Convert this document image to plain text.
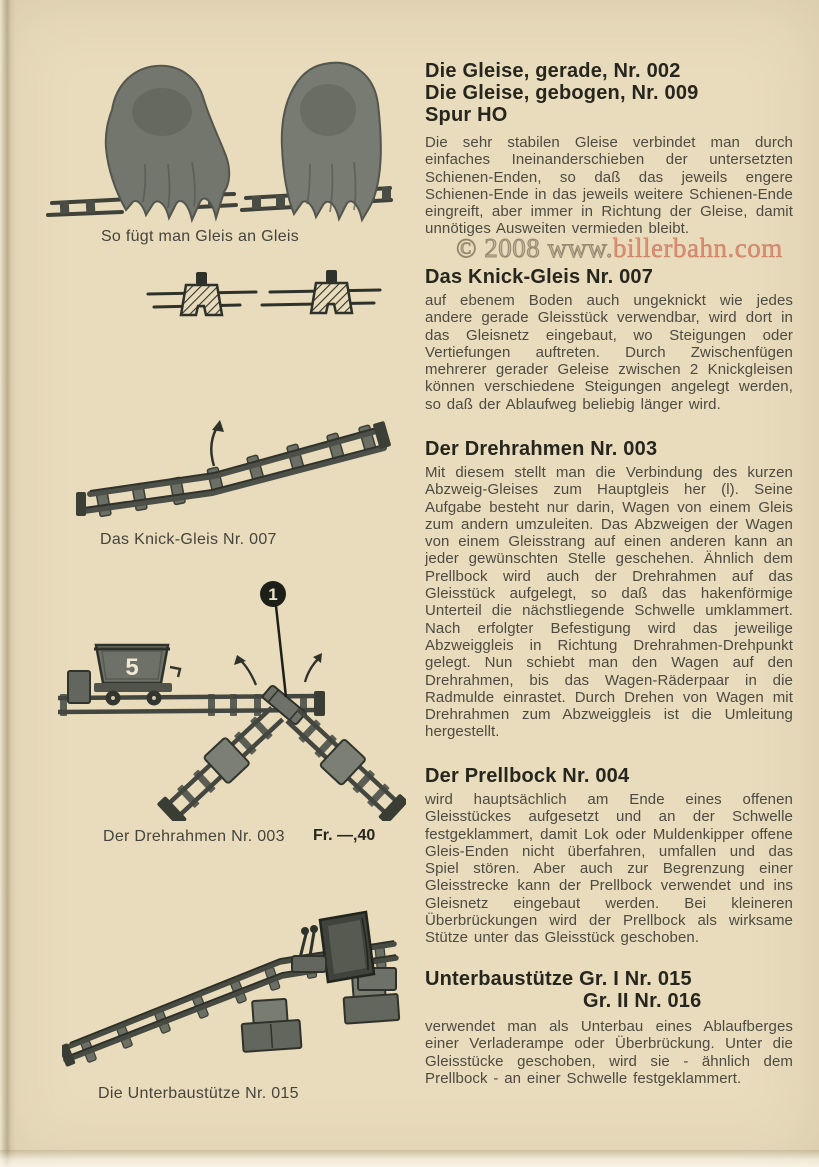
So fügt man Gleis an Gleis
Das Knick-Gleis Nr. 007
5
1
Der Drehrahmen Nr. 003 Fr. —,40
Die Unterbaustütze Nr. 015
Die Gleise, gerade, Nr. 002
Die Gleise, gebogen, Nr. 009
Spur HO
Die sehr stabilen Gleise verbindet man durch einfaches Ineinanderschieben der untersetzten Schienen-Enden, so daß das jeweils engere Schienen-Ende in das jeweils weitere Schienen-Ende eingreift, aber immer in Richtung der Gleise, damit unnötiges Ausweiten vermieden bleibt.
© 2008 www.billerbahn.com
Das Knick-Gleis Nr. 007
auf ebenem Boden auch ungeknickt wie jedes andere gerade Gleisstück verwendbar, wird dort in das Gleisnetz eingebaut, wo Steigungen oder Vertiefungen auftreten. Durch Zwischenfügen mehrerer gerader Geleise zwischen 2 Knickgleisen können verschiedene Steigungen angelegt werden, so daß der Ablaufweg beliebig länger wird.
Der Drehrahmen Nr. 003
Mit diesem stellt man die Verbindung des kurzen Abzweig-Gleises zum Hauptgleis her (l). Seine Aufgabe besteht nur darin, Wagen von einem Gleis zum andern umzuleiten. Das Abzweigen der Wagen von einem Gleisstrang auf einen anderen kann an jeder gewünschten Stelle geschehen. Ähnlich dem Prellbock wird auch der Drehrahmen auf das Gleisstück aufgelegt, so daß das hakenförmige Unterteil die nächstliegende Schwelle umklammert. Nach erfolgter Befestigung wird das jeweilige Abzweiggleis in Richtung Drehrahmen-Drehpunkt gelegt. Nun schiebt man den Wagen auf den Drehrahmen, bis das Wagen-Räderpaar in die Radmulde einrastet. Durch Drehen von Wagen mit Drehrahmen zum Abzweiggleis ist die Umleitung hergestellt.
Der Prellbock Nr. 004
wird hauptsächlich am Ende eines offenen Gleisstückes aufgesetzt und an der Schwelle festgeklammert, damit Lok oder Muldenkipper offene Gleis-Enden nicht überfahren, umfallen und das Spiel stören. Aber auch zur Begrenzung einer Gleisstrecke kann der Prellbock verwendet und ins Gleisnetz eingebaut werden. Bei kleineren Überbrückungen wird der Prellbock als wirksame Stütze unter das Gleisstück geschoben.
Unterbaustütze Gr. I Nr. 015
Gr. II Nr. 016
verwendet man als Unterbau eines Ablaufberges einer Verladerampe oder Überbrückung. Unter die Gleisstücke geschoben, wird sie - ähnlich dem Prellbock - an einer Schwelle festgeklammert.
